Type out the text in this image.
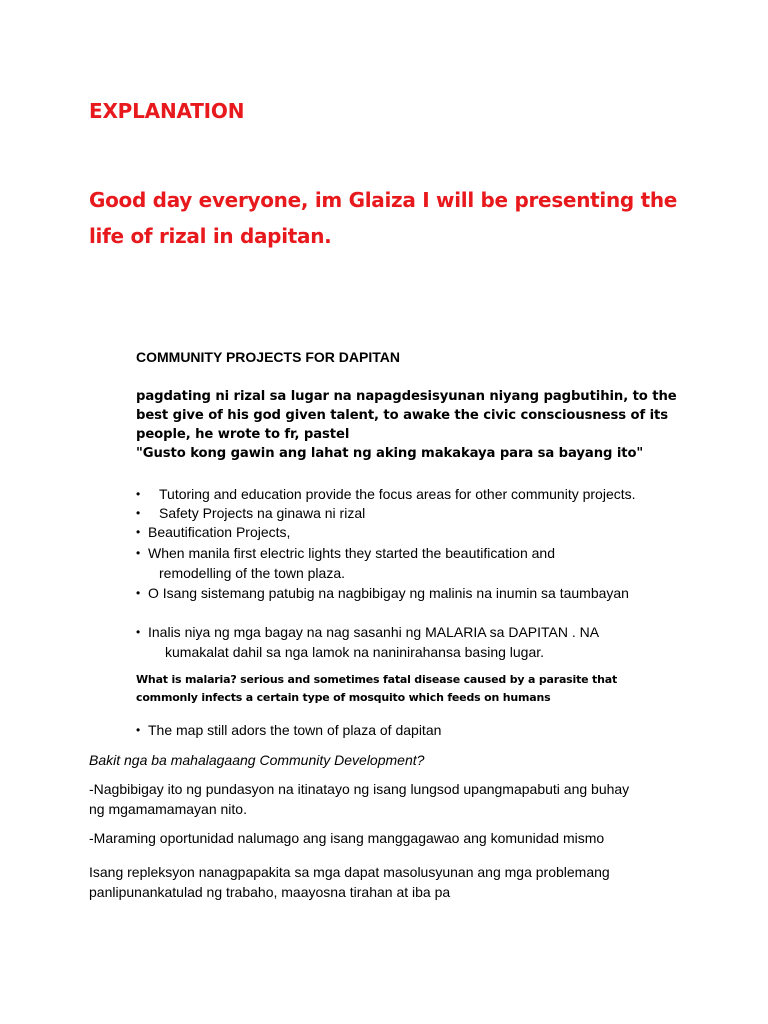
EXPLANATION
Good day everyone, im Glaiza I will be presenting the life of rizal in dapitan.
COMMUNITY PROJECTS FOR DAPITAN
pagdating ni rizal sa lugar na napagdesisyunan niyang pagbutihin, to the best give of his god given talent, to awake the civic consciousness of its people, he wrote to fr, pastel
"Gusto kong gawin ang lahat ng aking makakaya para sa bayang ito"
• Tutoring and education provide the focus areas for other community projects.
• Safety Projects na ginawa ni rizal
• Beautification Projects,
• When manila first electric lights they started the beautification and
remodelling of the town plaza.
• O Isang sistemang patubig na nagbibigay ng malinis na inumin sa taumbayan
• Inalis niya ng mga bagay na nag sasanhi ng MALARIA sa DAPITAN . NA
kumakalat dahil sa nga lamok na naninirahansa basing lugar.
What is malaria? serious and sometimes fatal disease caused by a parasite that commonly infects a certain type of mosquito which feeds on humans
• The map still adors the town of plaza of dapitan
Bakit nga ba mahalagaang Community Development?
-Nagbibigay ito ng pundasyon na itinatayo ng isang lungsod upangmapabuti ang buhay
ng mgamamamayan nito.
-Maraming oportunidad nalumago ang isang manggagawao ang komunidad mismo
Isang repleksyon nanagpapakita sa mga dapat masolusyunan ang mga problemang
panlipunankatulad ng trabaho, maayosna tirahan at iba pa
